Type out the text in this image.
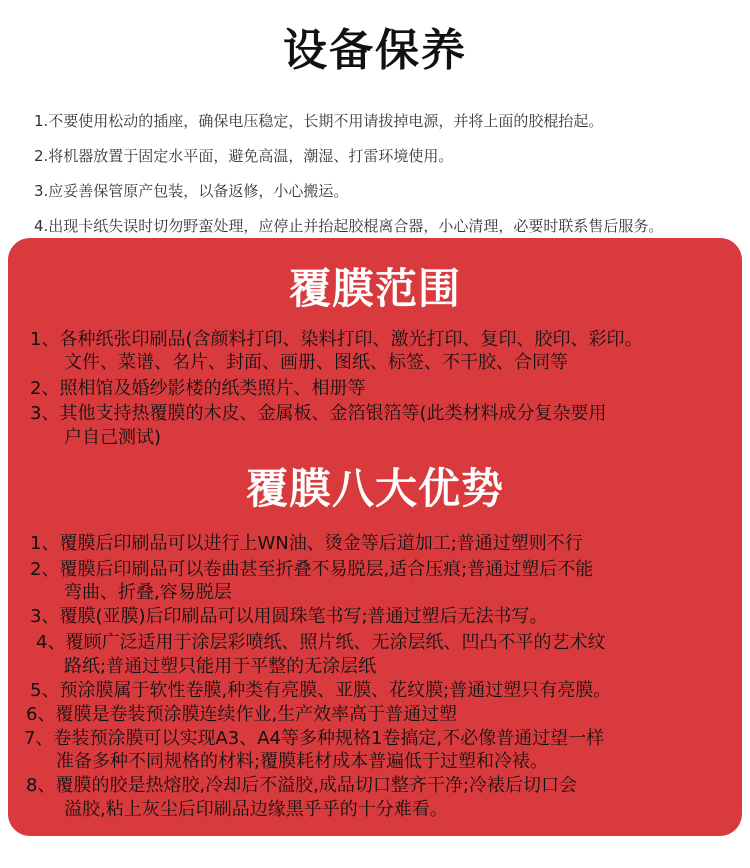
设备保养
1.不要使用松动的插座，确保电压稳定，长期不用请拔掉电源，并将上面的胶棍抬起。
2.将机器放置于固定水平面，避免高温，潮湿、打雷环境使用。
3.应妥善保管原产包装，以备返修，小心搬运。
4.出现卡纸失误时切勿野蛮处理，应停止并抬起胶棍离合器，小心清理，必要时联系售后服务。
覆膜范围
1、各种纸张印刷品(含颜料打印、染料打印、激光打印、复印、胶印、彩印。
文件、菜谱、名片、封面、画册、图纸、标签、不干胶、合同等
2、照相馆及婚纱影楼的纸类照片、相册等
3、其他支持热覆膜的木皮、金属板、金箔银箔等(此类材料成分复杂要用
户自己测试)
覆膜八大优势
1、覆膜后印刷品可以进行上WN油、烫金等后道加工;普通过塑则不行
2、覆膜后印刷品可以卷曲甚至折叠不易脱层,适合压痕;普通过塑后不能
弯曲、折叠,容易脱层
3、覆膜(亚膜)后印刷品可以用圆珠笔书写;普通过塑后无法书写。
4、覆顾广泛适用于涂层彩喷纸、照片纸、无涂层纸、凹凸不平的艺术纹
路纸;普通过塑只能用于平整的无涂层纸
5、预涂膜属于软性卷膜,种类有亮膜、亚膜、花纹膜;普通过塑只有亮膜。
6、覆膜是卷装预涂膜连续作业,生产效率高于普通过塑
7、卷装预涂膜可以实现A3、A4等多种规格1卷搞定,不必像普通过望一样
准备多种不同规格的材料;覆膜耗材成本普遍低于过塑和冷裱。
8、覆膜的胶是热熔胶,冷却后不溢胶,成品切口整齐干净;冷裱后切口会
溢胶,粘上灰尘后印刷品边缘黑乎乎的十分难看。
